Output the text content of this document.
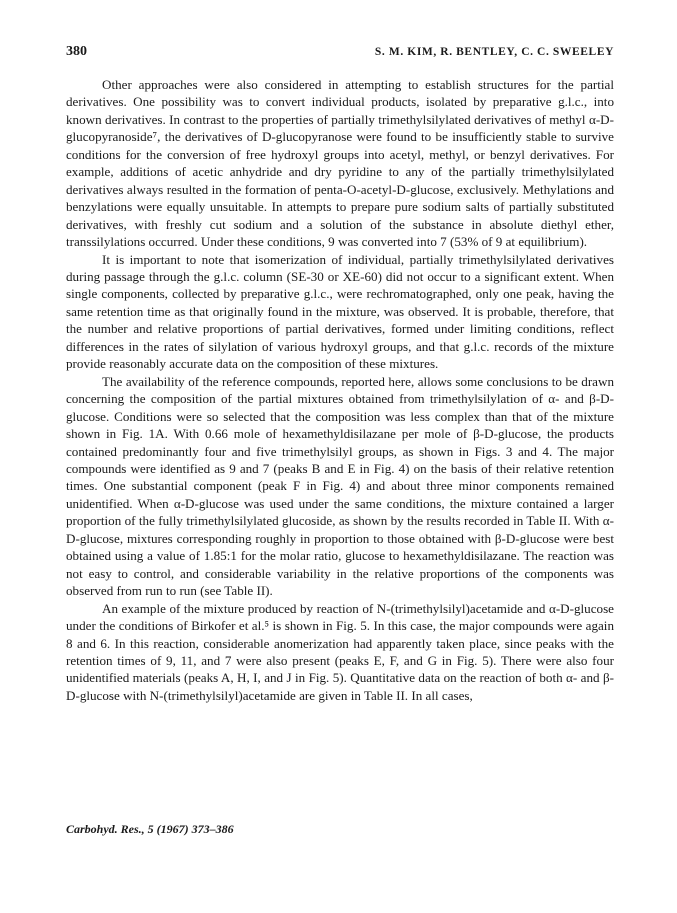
380	S. M. KIM, R. BENTLEY, C. C. SWEELEY

Other approaches were also considered in attempting to establish structures for the partial derivatives. One possibility was to convert individual products, isolated by preparative g.l.c., into known derivatives. In contrast to the properties of partially trimethylsilylated derivatives of methyl α-D-glucopyranoside⁷, the derivatives of D-glucopyranose were found to be insufficiently stable to survive conditions for the conversion of free hydroxyl groups into acetyl, methyl, or benzyl derivatives. For example, additions of acetic anhydride and dry pyridine to any of the partially trimethylsilylated derivatives always resulted in the formation of penta-O-acetyl-D-glucose, exclusively. Methylations and benzylations were equally unsuitable. In attempts to prepare pure sodium salts of partially substituted derivatives, with freshly cut sodium and a solution of the substance in absolute diethyl ether, transsilylations occurred. Under these conditions, 9 was converted into 7 (53% of 9 at equilibrium).

It is important to note that isomerization of individual, partially trimethylsilylated derivatives during passage through the g.l.c. column (SE-30 or XE-60) did not occur to a significant extent. When single components, collected by preparative g.l.c., were rechromatographed, only one peak, having the same retention time as that originally found in the mixture, was observed. It is probable, therefore, that the number and relative proportions of partial derivatives, formed under limiting conditions, reflect differences in the rates of silylation of various hydroxyl groups, and that g.l.c. records of the mixture provide reasonably accurate data on the composition of these mixtures.

The availability of the reference compounds, reported here, allows some conclusions to be drawn concerning the composition of the partial mixtures obtained from trimethylsilylation of α- and β-D-glucose. Conditions were so selected that the composition was less complex than that of the mixture shown in Fig. 1A. With 0.66 mole of hexamethyldisilazane per mole of β-D-glucose, the products contained predominantly four and five trimethylsilyl groups, as shown in Figs. 3 and 4. The major compounds were identified as 9 and 7 (peaks B and E in Fig. 4) on the basis of their relative retention times. One substantial component (peak F in Fig. 4) and about three minor components remained unidentified. When α-D-glucose was used under the same conditions, the mixture contained a larger proportion of the fully trimethylsilylated glucoside, as shown by the results recorded in Table II. With α-D-glucose, mixtures corresponding roughly in proportion to those obtained with β-D-glucose were best obtained using a value of 1.85:1 for the molar ratio, glucose to hexamethyldisilazane. The reaction was not easy to control, and considerable variability in the relative proportions of the components was observed from run to run (see Table II).

An example of the mixture produced by reaction of N-(trimethylsilyl)acetamide and α-D-glucose under the conditions of Birkofer et al.⁵ is shown in Fig. 5. In this case, the major compounds were again 8 and 6. In this reaction, considerable anomerization had apparently taken place, since peaks with the retention times of 9, 11, and 7 were also present (peaks E, F, and G in Fig. 5). There were also four unidentified materials (peaks A, H, I, and J in Fig. 5). Quantitative data on the reaction of both α- and β-D-glucose with N-(trimethylsilyl)acetamide are given in Table II. In all cases,

Carbohyd. Res., 5 (1967) 373–386
